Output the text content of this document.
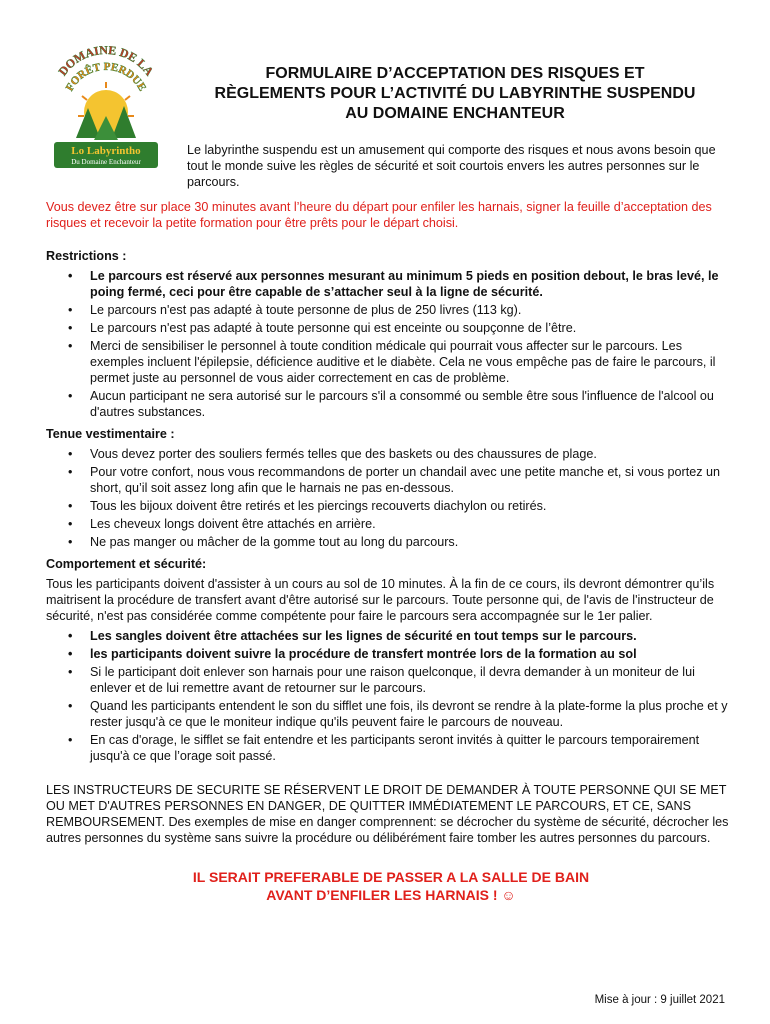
DOMAINE DE LA
FORÊT PERDUE
Lo Labyrintho
Du Domaine Enchanteur
FORMULAIRE D’ACCEPTATION DES RISQUES ET
RÈGLEMENTS POUR L’ACTIVITÉ DU LABYRINTHE SUSPENDU
AU DOMAINE ENCHANTEUR
Le labyrinthe suspendu est un amusement qui comporte des risques et nous avons besoin que tout le monde suive les règles de sécurité et soit courtois envers les autres personnes sur le parcours.
Vous devez être sur place 30 minutes avant l’heure du départ pour enfiler les harnais, signer la feuille d’acceptation des risques et recevoir la petite formation pour être prêts pour le départ choisi.
Restrictions :
• Le parcours est réservé aux personnes mesurant au minimum 5 pieds en position debout, le bras levé, le poing fermé, ceci pour être capable de s’attacher seul à la ligne de sécurité.
• Le parcours n'est pas adapté à toute personne de plus de 250 livres (113 kg).
• Le parcours n'est pas adapté à toute personne qui est enceinte ou soupçonne de l’être.
• Merci de sensibiliser le personnel à toute condition médicale qui pourrait vous affecter sur le parcours. Les exemples incluent l'épilepsie, déficience auditive et le diabète. Cela ne vous empêche pas de faire le parcours, il permet juste au personnel de vous aider correctement en cas de problème.
• Aucun participant ne sera autorisé sur le parcours s'il a consommé ou semble être sous l'influence de l'alcool ou d'autres substances.
Tenue vestimentaire :
• Vous devez porter des souliers fermés telles que des baskets ou des chaussures de plage.
• Pour votre confort, nous vous recommandons de porter un chandail avec une petite manche et, si vous portez un short, qu’il soit assez long afin que le harnais ne pas en-dessous.
• Tous les bijoux doivent être retirés et les piercings recouverts diachylon ou retirés.
• Les cheveux longs doivent être attachés en arrière.
• Ne pas manger ou mâcher de la gomme tout au long du parcours.
Comportement et sécurité:

Tous les participants doivent d'assister à un cours au sol de 10 minutes. À la fin de ce cours, ils devront démontrer qu’ils maitrisent la procédure de transfert avant d'être autorisé sur le parcours. Toute personne qui, de l'avis de l'instructeur de sécurité, n'est pas considérée comme compétente pour faire le parcours sera accompagnée sur le 1er palier.

• Les sangles doivent être attachées sur les lignes de sécurité en tout temps sur le parcours.
• les participants doivent suivre la procédure de transfert montrée lors de la formation au sol
• Si le participant doit enlever son harnais pour une raison quelconque, il devra demander à un moniteur de lui enlever et de lui remettre avant de retourner sur le parcours.
• Quand les participants entendent le son du sifflet une fois, ils devront se rendre à la plate-forme la plus proche et y rester jusqu'à ce que le moniteur indique qu'ils peuvent faire le parcours de nouveau.
• En cas d'orage, le sifflet se fait entendre et les participants seront invités à quitter le parcours temporairement jusqu'à ce que l’orage soit passé.

LES INSTRUCTEURS DE SECURITE SE RÉSERVENT LE DROIT DE DEMANDER À TOUTE PERSONNE QUI SE MET OU MET D'AUTRES PERSONNES EN DANGER, DE QUITTER IMMÉDIATEMENT LE PARCOURS, ET CE, SANS REMBOURSEMENT. Des exemples de mise en danger comprennent: se décrocher du système de sécurité, décrocher les autres personnes du système sans suivre la procédure ou délibérément faire tomber les autres personnes du parcours.

IL SERAIT PREFERABLE DE PASSER A LA SALLE DE BAIN
AVANT D’ENFILER LES HARNAIS ! ☺
Mise à jour : 9 juillet 2021
